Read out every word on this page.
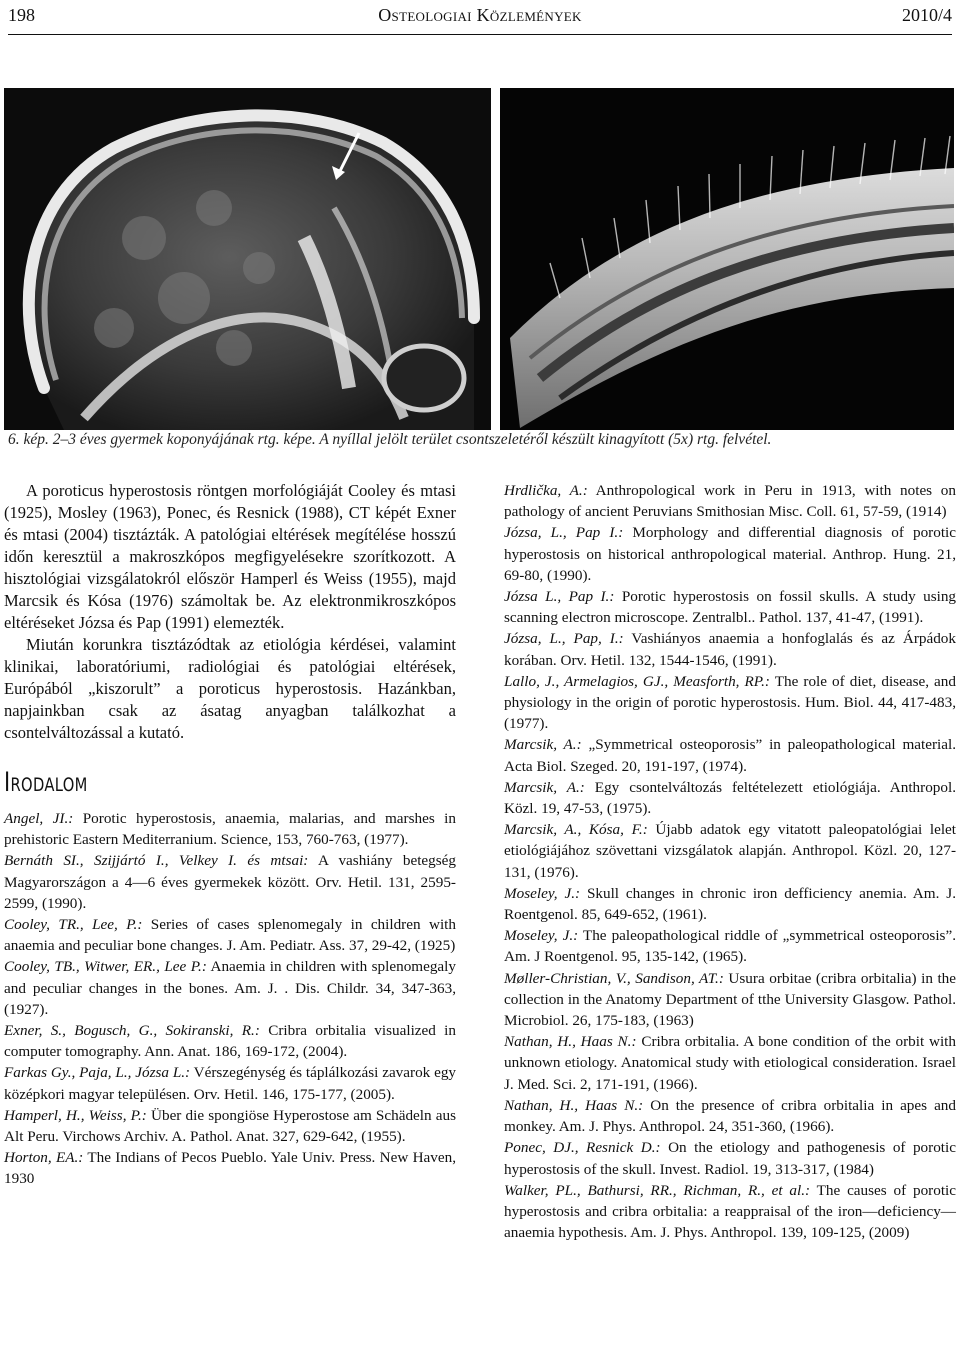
198	Osteologiai Közlemények	2010/4
6. kép. 2–3 éves gyermek koponyájának rtg. képe. A nyíllal jelölt terület csontszeletéről készült kinagyított (5x) rtg. felvétel.

A poroticus hyperostosis röntgen morfológiáját Cooley és mtasi (1925), Mosley (1963), Ponec, és Resnick (1988), CT képét Exner és mtasi (2004) tisztázták. A patológiai eltérések megítélése hosszú időn keresztül a makroszkópos megfigyelésekre szorítkozott. A hisztológiai vizsgálatokról először Hamperl és Weiss (1955), majd Marcsik és Kósa (1976) számoltak be. Az elektronmikroszkópos eltéréseket Józsa és Pap (1991) elemezték.

Miután korunkra tisztázódtak az etiológia kérdései, valamint klinikai, laboratóriumi, radiológiai és patológiai eltérések, Európából „kiszorult” a poroticus hyperostosis. Hazánkban, napjainkban csak az ásatag anyagban találkozhat a csontelváltozással a kutató.

Irodalom

Angel, JI.: Porotic hyperostosis, anaemia, malarias, and marshes in prehistoric Eastern Mediterranium. Science, 153, 760-763, (1977).

Bernáth SI., Szijjártó I., Velkey I. és mtsai: A vashiány betegség Magyarországon a 4—6 éves gyermekek között. Orv. Hetil. 131, 2595-2599, (1990).

Cooley, TR., Lee, P.: Series of cases splenomegaly in children with anaemia and peculiar bone changes. J. Am. Pediatr. Ass. 37, 29-42, (1925)

Cooley, TB., Witwer, ER., Lee P.: Anaemia in children with splenomegaly and peculiar changes in the bones. Am. J. . Dis. Childr. 34, 347-363, (1927).

Exner, S., Bogusch, G., Sokiranski, R.: Cribra orbitalia visualized in computer tomography. Ann. Anat. 186, 169-172, (2004).

Farkas Gy., Paja, L., Józsa L.: Vérszegénység és táplálkozási zavarok egy középkori magyar településen. Orv. Hetil. 146, 175-177, (2005).

Hamperl, H., Weiss, P.: Über die spongiöse Hyperostose am Schädeln aus Alt Peru. Virchows Archiv. A. Pathol. Anat. 327, 629-642, (1955).

Horton, EA.: The Indians of Pecos Pueblo. Yale Univ. Press. New Haven, 1930

Hrdlička, A.: Anthropological work in Peru in 1913, with notes on pathology of ancient Peruvians Smithosian Misc. Coll. 61, 57-59, (1914)

Józsa, L., Pap I.: Morphology and differential diagnosis of porotic hyperostosis on historical anthropological material. Anthrop. Hung. 21, 69-80, (1990).

Józsa L., Pap I.: Porotic hyperostosis on fossil skulls. A study using scanning electron microscope. Zentralbl.. Pathol. 137, 41-47, (1991).

Józsa, L., Pap, I.: Vashiányos anaemia a honfoglalás és az Árpádok korában. Orv. Hetil. 132, 1544-1546, (1991).

Lallo, J., Armelagios, GJ., Measforth, RP.: The role of diet, disease, and physiology in the origin of porotic hyperostosis. Hum. Biol. 44, 417-483, (1977).

Marcsik, A.: „Symmetrical osteoporosis” in paleopathological material. Acta Biol. Szeged. 20, 191-197, (1974).

Marcsik, A.: Egy csontelváltozás feltételezett etiológiája. Anthropol. Közl. 19, 47-53, (1975).

Marcsik, A., Kósa, F.: Újabb adatok egy vitatott paleopatológiai lelet etiológiájához szövettani vizsgálatok alapján. Anthropol. Közl. 20, 127-131, (1976).

Moseley, J.: Skull changes in chronic iron defficiency anemia. Am. J. Roentgenol. 85, 649-652, (1961).

Moseley, J.: The paleopathological riddle of „symmetrical osteoporosis”. Am. J Roentgenol. 95, 135-142, (1965).

Møller-Christian, V., Sandison, AT.: Usura orbitae (cribra orbitalia) in the collection in the Anatomy Department of tthe University Glasgow. Pathol. Microbiol. 26, 175-183, (1963)

Nathan, H., Haas N.: Cribra orbitalia. A bone condition of the orbit with unknown etiology. Anatomical study with etiological consideration. Israel J. Med. Sci. 2, 171-191, (1966).

Nathan, H., Haas N.: On the presence of cribra orbitalia in apes and monkey. Am. J. Phys. Anthropol. 24, 351-360, (1966).

Ponec, DJ., Resnick D.: On the etiology and pathogenesis of porotic hyperostosis of the skull. Invest. Radiol. 19, 313-317, (1984)

Walker, PL., Bathursi, RR., Richman, R., et al.: The causes of porotic hyperostosis and cribra orbitalia: a reappraisal of the iron—deficiency—anaemia hypothesis. Am. J. Phys. Anthropol. 139, 109-125, (2009)
